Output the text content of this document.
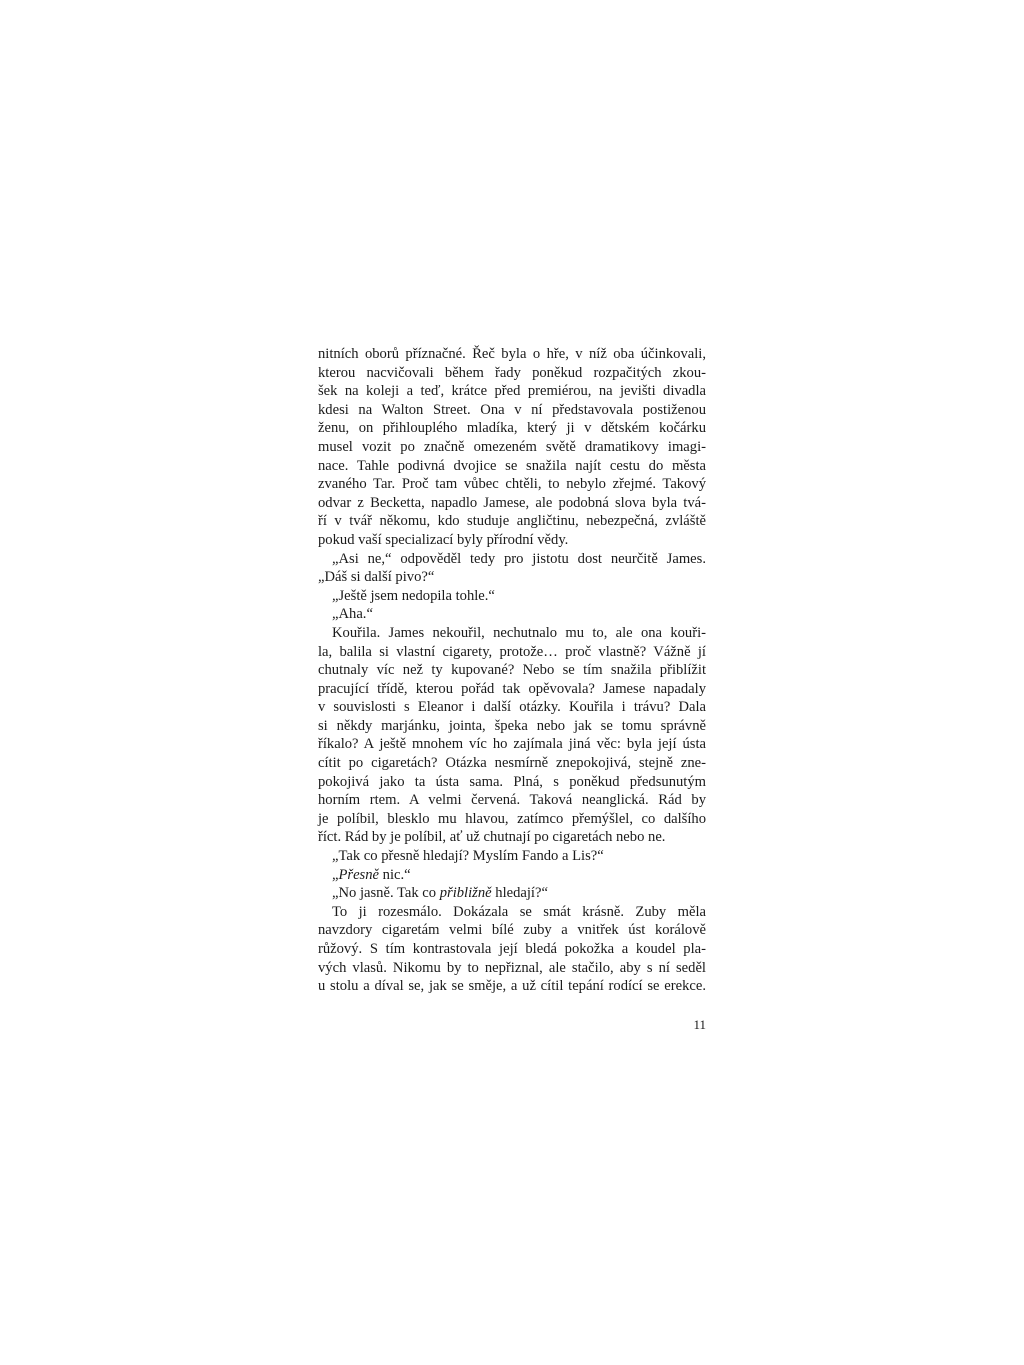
nitních oborů příznačné. Řeč byla o hře, v níž oba účinkovali,
kterou nacvičovali během řady poněkud rozpačitých zkou-
šek na koleji a teď, krátce před premiérou, na jevišti divadla
kdesi na Walton Street. Ona v ní představovala postiženou
ženu, on přihlouplého mladíka, který ji v dětském kočárku
musel vozit po značně omezeném světě dramatikovy imagi-
nace. Tahle podivná dvojice se snažila najít cestu do města
zvaného Tar. Proč tam vůbec chtěli, to nebylo zřejmé. Takový
odvar z Becketta, napadlo Jamese, ale podobná slova byla tvá-
ří v tvář někomu, kdo studuje angličtinu, nebezpečná, zvláště
pokud vaší specializací byly přírodní vědy.
„Asi ne,“ odpověděl tedy pro jistotu dost neurčitě James.
„Dáš si další pivo?“
„Ještě jsem nedopila tohle.“
„Aha.“
Kouřila. James nekouřil, nechutnalo mu to, ale ona kouři-
la, balila si vlastní cigarety, protože… proč vlastně? Vážně jí
chutnaly víc než ty kupované? Nebo se tím snažila přiblížit
pracující třídě, kterou pořád tak opěvovala? Jamese napadaly
v souvislosti s Eleanor i další otázky. Kouřila i trávu? Dala
si někdy marjánku, jointa, špeka nebo jak se tomu správně
říkalo? A ještě mnohem víc ho zajímala jiná věc: byla její ústa
cítit po cigaretách? Otázka nesmírně znepokojivá, stejně zne-
pokojivá jako ta ústa sama. Plná, s poněkud předsunutým
horním rtem. A velmi červená. Taková neanglická. Rád by
je políbil, blesklo mu hlavou, zatímco přemýšlel, co dalšího
říct. Rád by je políbil, ať už chutnají po cigaretách nebo ne.
„Tak co přesně hledají? Myslím Fando a Lis?“
„Přesně nic.“
„No jasně. Tak co přibližně hledají?“
To ji rozesmálo. Dokázala se smát krásně. Zuby měla
navzdory cigaretám velmi bílé zuby a vnitřek úst korálově
růžový. S tím kontrastovala její bledá pokožka a koudel pla-
vých vlasů. Nikomu by to nepřiznal, ale stačilo, aby s ní seděl
u stolu a díval se, jak se směje, a už cítil tepání rodící se erekce.
11
